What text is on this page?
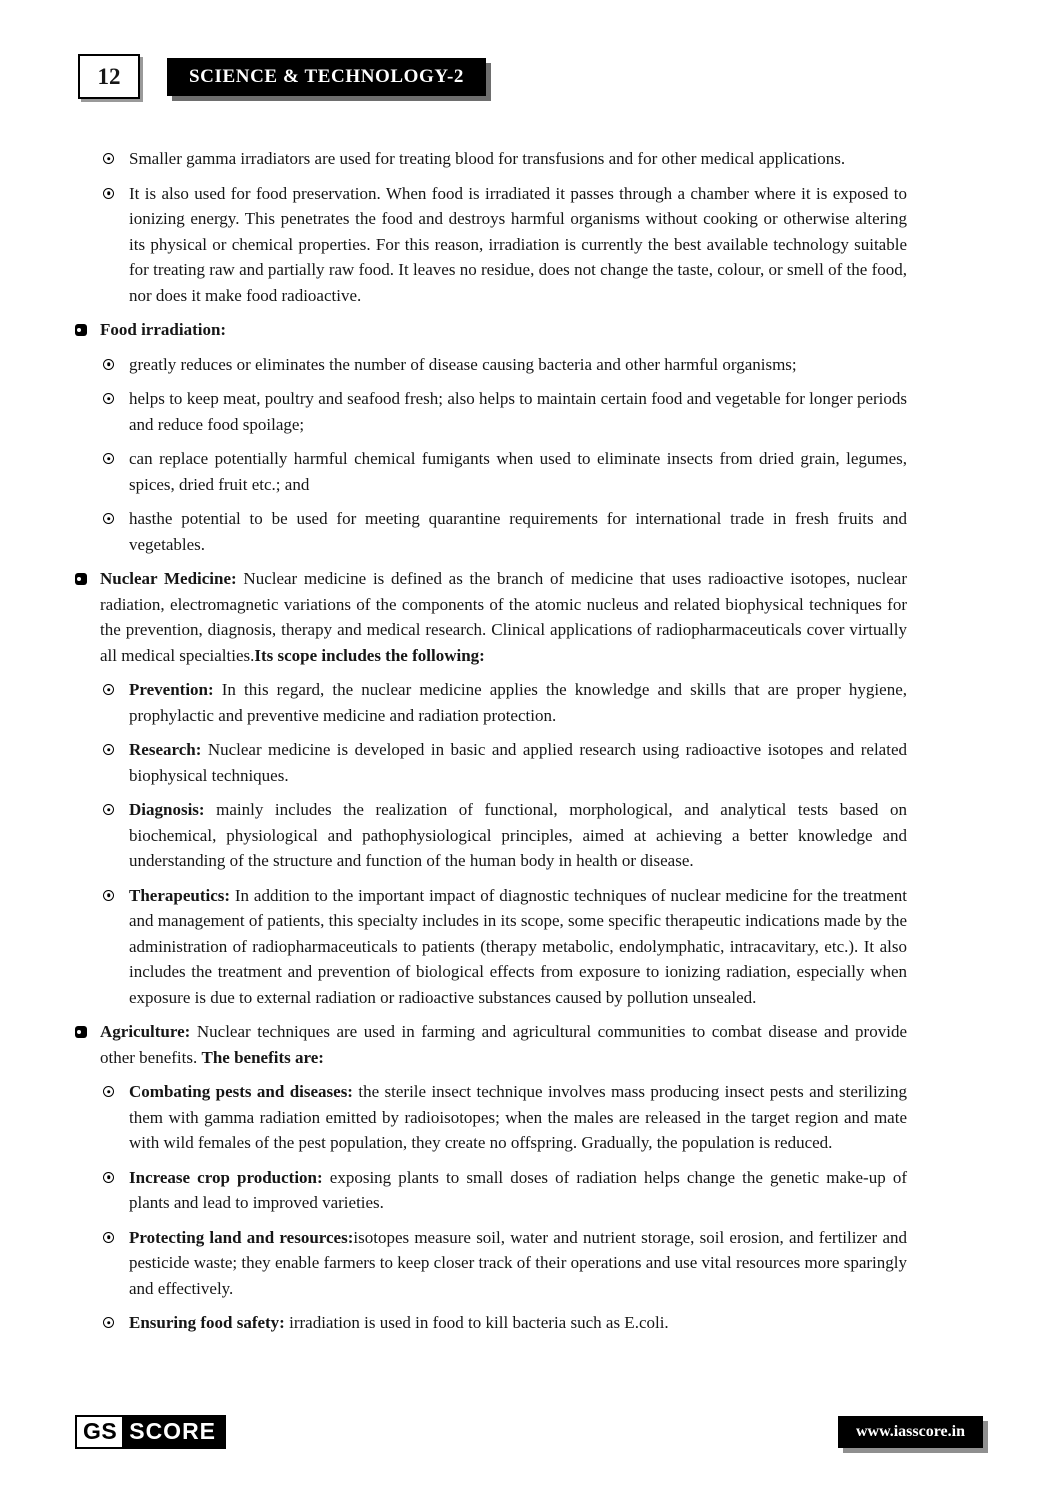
12	SCIENCE & TECHNOLOGY-2

Smaller gamma irradiators are used for treating blood for transfusions and for other medical applications.

It is also used for food preservation. When food is irradiated it passes through a chamber where it is exposed to ionizing energy. This penetrates the food and destroys harmful organisms without cooking or otherwise altering its physical or chemical properties. For this reason, irradiation is currently the best available technology suitable for treating raw and partially raw food. It leaves no residue, does not change the taste, colour, or smell of the food, nor does it make food radioactive.

Food irradiation:

greatly reduces or eliminates the number of disease causing bacteria and other harmful organisms;

helps to keep meat, poultry and seafood fresh; also helps to maintain certain food and vegetable for longer periods and reduce food spoilage;

can replace potentially harmful chemical fumigants when used to eliminate insects from dried grain, legumes, spices, dried fruit etc.; and

hasthe potential to be used for meeting quarantine requirements for international trade in fresh fruits and vegetables.

Nuclear Medicine: Nuclear medicine is defined as the branch of medicine that uses radioactive isotopes, nuclear radiation, electromagnetic variations of the components of the atomic nucleus and related biophysical techniques for the prevention, diagnosis, therapy and medical research. Clinical applications of radiopharmaceuticals cover virtually all medical specialties.Its scope includes the following:

Prevention: In this regard, the nuclear medicine applies the knowledge and skills that are proper hygiene, prophylactic and preventive medicine and radiation protection.

Research: Nuclear medicine is developed in basic and applied research using radioactive isotopes and related biophysical techniques.

Diagnosis: mainly includes the realization of functional, morphological, and analytical tests based on biochemical, physiological and pathophysiological principles, aimed at achieving a better knowledge and understanding of the structure and function of the human body in health or disease.

Therapeutics: In addition to the important impact of diagnostic techniques of nuclear medicine for the treatment and management of patients, this specialty includes in its scope, some specific therapeutic indications made by the administration of radiopharmaceuticals to patients (therapy metabolic, endolymphatic, intracavitary, etc.). It also includes the treatment and prevention of biological effects from exposure to ionizing radiation, especially when exposure is due to external radiation or radioactive substances caused by pollution unsealed.

Agriculture: Nuclear techniques are used in farming and agricultural communities to combat disease and provide other benefits. The benefits are:

Combating pests and diseases: the sterile insect technique involves mass producing insect pests and sterilizing them with gamma radiation emitted by radioisotopes; when the males are released in the target region and mate with wild females of the pest population, they create no offspring. Gradually, the population is reduced.

Increase crop production: exposing plants to small doses of radiation helps change the genetic make-up of plants and lead to improved varieties.

Protecting land and resources:isotopes measure soil, water and nutrient storage, soil erosion, and fertilizer and pesticide waste; they enable farmers to keep closer track of their operations and use vital resources more sparingly and effectively.

Ensuring food safety: irradiation is used in food to kill bacteria such as E.coli.

GS SCORE	www.iasscore.in
